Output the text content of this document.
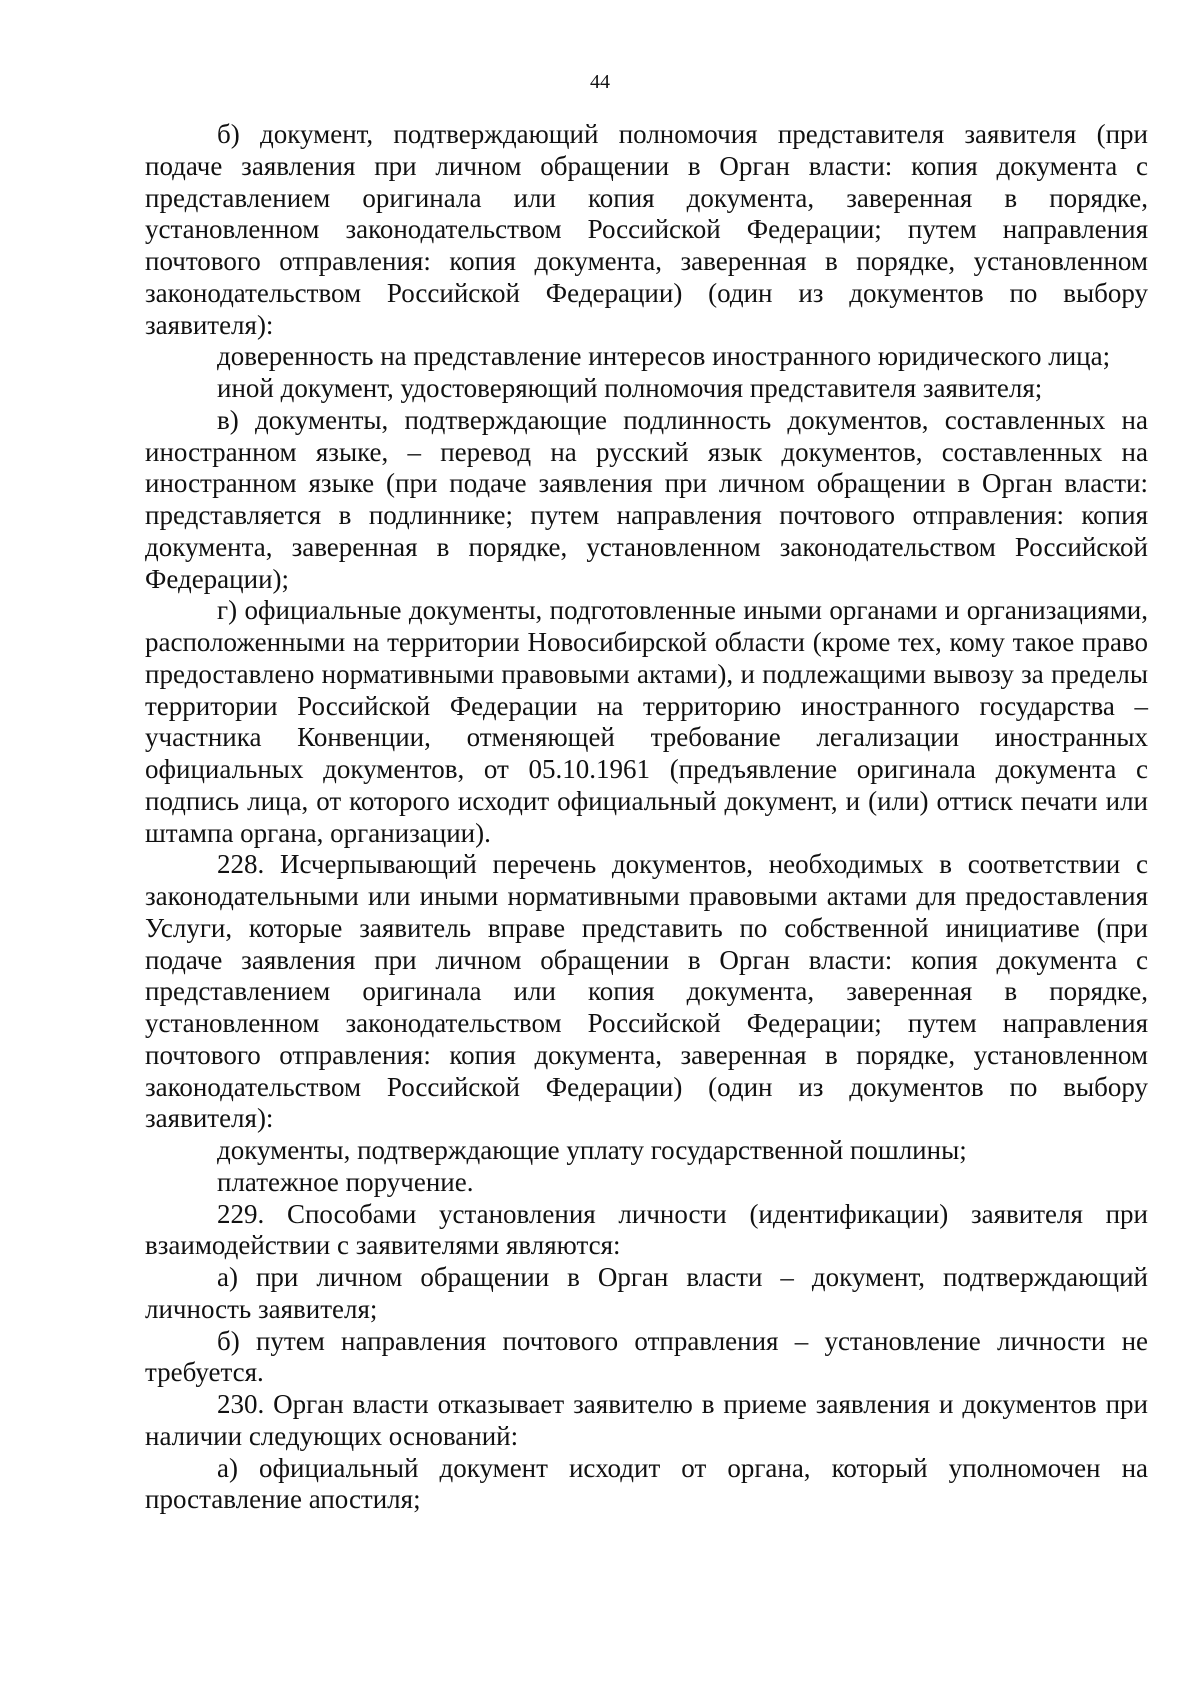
44

б) документ, подтверждающий полномочия представителя заявителя (при подаче заявления при личном обращении в Орган власти: копия документа с представлением оригинала или копия документа, заверенная в порядке, установленном законодательством Российской Федерации; путем направления почтового отправления: копия документа, заверенная в порядке, установленном законодательством Российской Федерации) (один из документов по выбору заявителя):

доверенность на представление интересов иностранного юридического лица;

иной документ, удостоверяющий полномочия представителя заявителя;

в) документы, подтверждающие подлинность документов, составленных на иностранном языке, – перевод на русский язык документов, составленных на иностранном языке (при подаче заявления при личном обращении в Орган власти: представляется в подлиннике; путем направления почтового отправления: копия документа, заверенная в порядке, установленном законодательством Российской Федерации);

г) официальные документы, подготовленные иными органами и организациями, расположенными на территории Новосибирской области (кроме тех, кому такое право предоставлено нормативными правовыми актами), и подлежащими вывозу за пределы территории Российской Федерации на территорию иностранного государства – участника Конвенции, отменяющей требование легализации иностранных официальных документов, от 05.10.1961 (предъявление оригинала документа с подпись лица, от которого исходит официальный документ, и (или) оттиск печати или штампа органа, организации).

228. Исчерпывающий перечень документов, необходимых в соответствии с законодательными или иными нормативными правовыми актами для предоставления Услуги, которые заявитель вправе представить по собственной инициативе (при подаче заявления при личном обращении в Орган власти: копия документа с представлением оригинала или копия документа, заверенная в порядке, установленном законодательством Российской Федерации; путем направления почтового отправления: копия документа, заверенная в порядке, установленном законодательством Российской Федерации) (один из документов по выбору заявителя):

документы, подтверждающие уплату государственной пошлины;

платежное поручение.

229. Способами установления личности (идентификации) заявителя при взаимодействии с заявителями являются:

а) при личном обращении в Орган власти – документ, подтверждающий личность заявителя;

б) путем направления почтового отправления – установление личности не требуется.

230. Орган власти отказывает заявителю в приеме заявления и документов при наличии следующих оснований:

а) официальный документ исходит от органа, который уполномочен на проставление апостиля;
